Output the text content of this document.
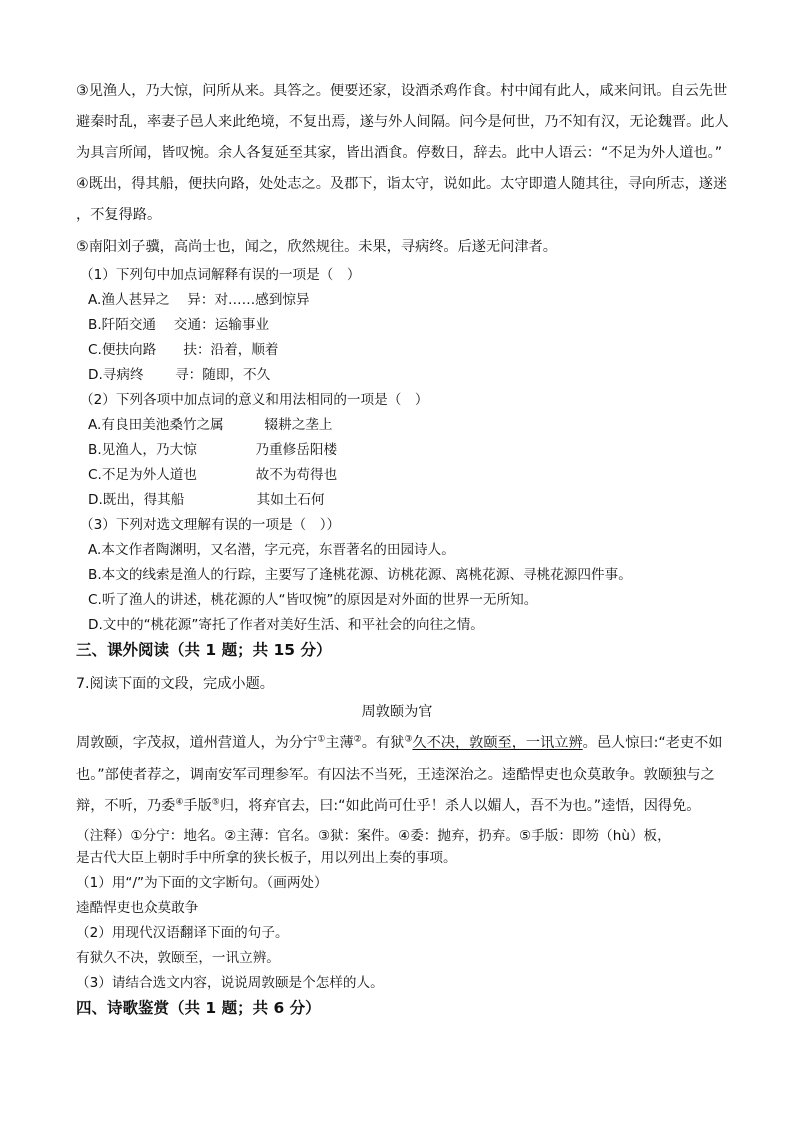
③见渔人，乃大惊，问所从来。具答之。便要还家，设酒杀鸡作食。村中闻有此人，咸来问讯。自云先世
避秦时乱，率妻子邑人来此绝境，不复出焉，遂与外人间隔。问今是何世，乃不知有汉，无论魏晋。此人
为具言所闻，皆叹惋。余人各复延至其家，皆出酒食。停数日，辞去。此中人语云：“不足为外人道也。”
④既出，得其船，便扶向路，处处志之。及郡下，诣太守，说如此。太守即遣人随其往，寻向所志，遂迷
，不复得路。
⑤南阳刘子骥，高尚士也，闻之，欣然规往。未果，寻病终。后遂无问津者。
（1）下列句中加点词解释有误的一项是（　）
A.渔人甚异之　 异：对……感到惊异
B.阡陌交通　 交通：运输事业
C.便扶向路　　扶：沿着，顺着
D.寻病终　　 寻：随即，不久
（2）下列各项中加点词的意义和用法相同的一项是（　）
A.有良田美池桑竹之属　　　辍耕之垄上
B.见渔人，乃大惊　　　　 乃重修岳阳楼
C.不足为外人道也　　　　 故不为苟得也
D.既出，得其船　　　　　 其如土石何
（3）下列对选文理解有误的一项是（　））
A.本文作者陶渊明，又名潜，字元亮，东晋著名的田园诗人。
B.本文的线索是渔人的行踪，主要写了逢桃花源、访桃花源、离桃花源、寻桃花源四件事。
C.听了渔人的讲述，桃花源的人“皆叹惋”的原因是对外面的世界一无所知。
D.文中的“桃花源”寄托了作者对美好生活、和平社会的向往之情。
三、课外阅读（共 1 题；共 15 分）
7.阅读下面的文段，完成小题。
周敦颐为官
周敦颐，字茂叔，道州营道人，为分宁①主薄②。有狱③久不决，敦颐至，一讯立辨。邑人惊曰:“老吏不如
也。”部使者荐之，调南安军司理参军。有囚法不当死，王逵深治之。逵酷悍吏也众莫敢争。敦颐独与之
辩，不听，乃委④手版⑤归，将弃官去，曰:“如此尚可仕乎！杀人以媚人，吾不为也。”逵悟，因得免。
（注释）①分宁：地名。②主薄：官名。③狱：案件。④委：抛弃，扔弃。⑤手版：即笏（hù）板，
是古代大臣上朝时手中所拿的狭长板子，用以列出上奏的事项。
（1）用“/”为下面的文字断句。（画两处）
逵酷悍吏也众莫敢争
（2）用现代汉语翻译下面的句子。
有狱久不决，敦颐至，一讯立辨。
（3）请结合选文内容，说说周敦颐是个怎样的人。
四、诗歌鉴赏（共 1 题；共 6 分）
